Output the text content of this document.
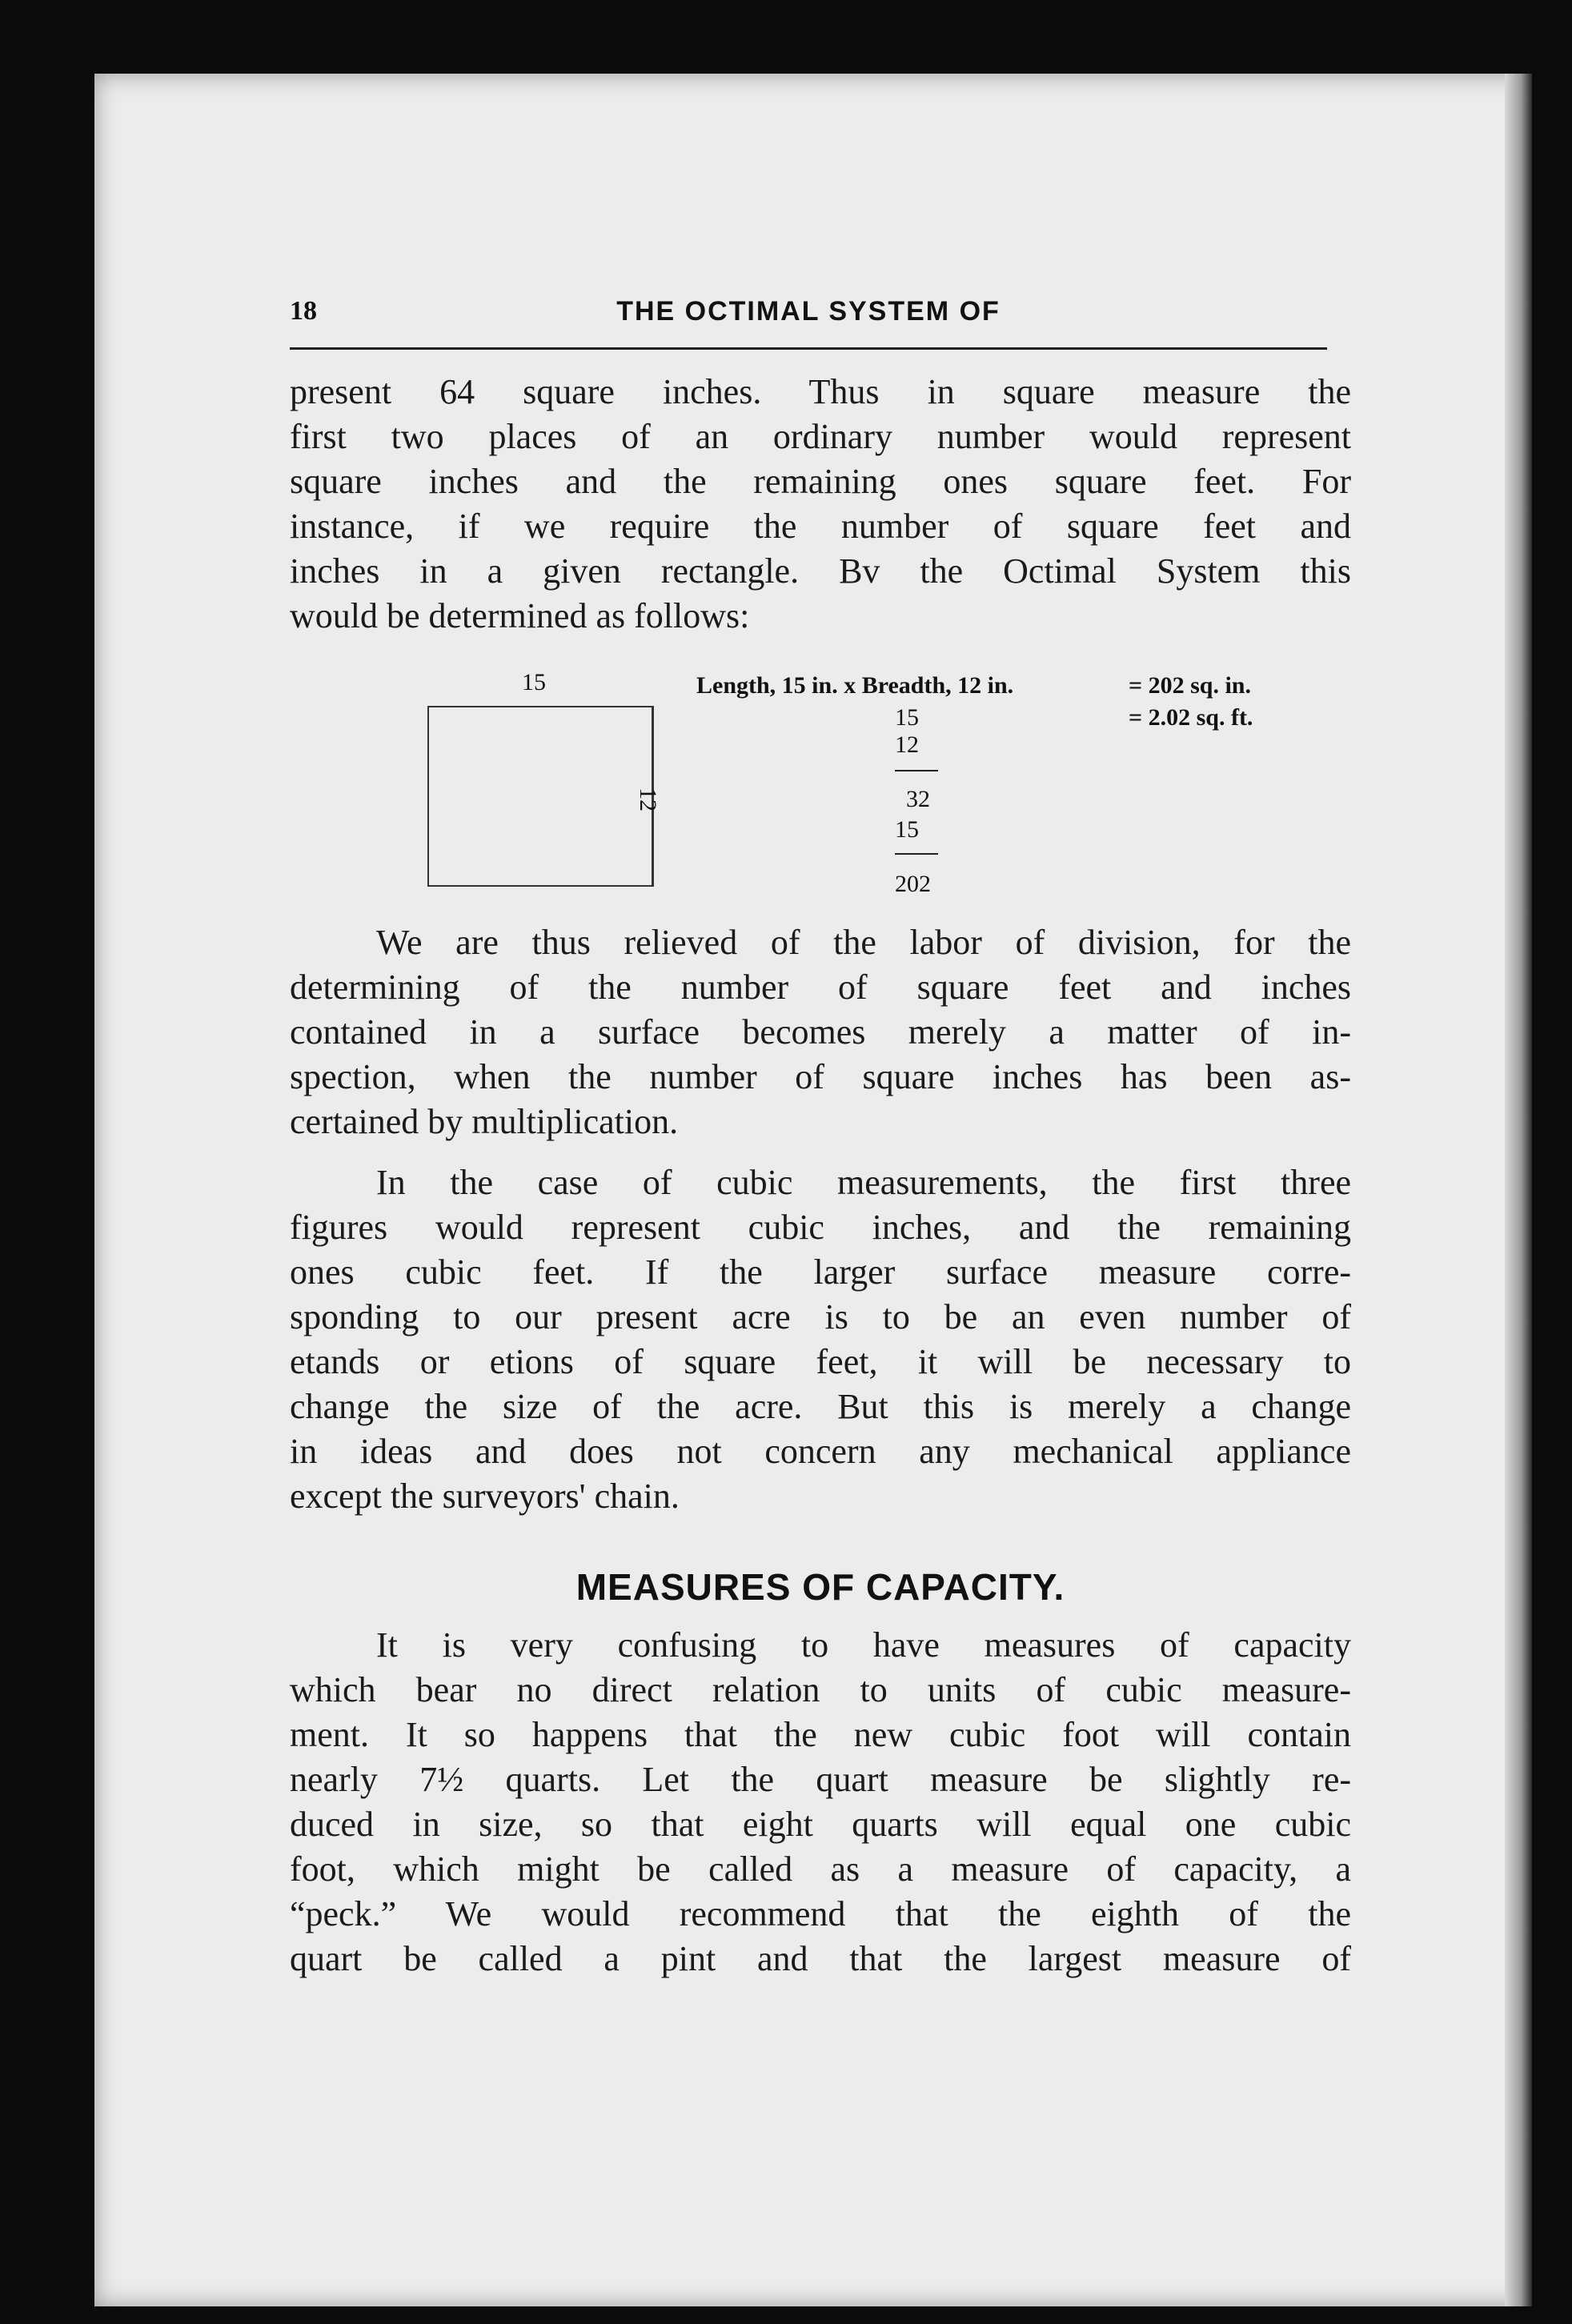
18	THE OCTIMAL SYSTEM OF
present 64 square inches. Thus in square measure the
first two places of an ordinary number would represent
square inches and the remaining ones square feet. For
instance, if we require the number of square feet and
inches in a given rectangle. Bv the Octimal System this
would be determined as follows:
15
12
Length, 15 in. x Breadth, 12 in.	= 202 sq. in.
= 2.02 sq. ft.
15
12
32
15
202
We are thus relieved of the labor of division, for the
determining of the number of square feet and inches
contained in a surface becomes merely a matter of in-
spection, when the number of square inches has been as-
certained by multiplication.
In the case of cubic measurements, the first three
figures would represent cubic inches, and the remaining
ones cubic feet. If the larger surface measure corre-
sponding to our present acre is to be an even number of
etands or etions of square feet, it will be necessary to
change the size of the acre. But this is merely a change
in ideas and does not concern any mechanical appliance
except the surveyors' chain.
MEASURES OF CAPACITY.
It is very confusing to have measures of capacity
which bear no direct relation to units of cubic measure-
ment. It so happens that the new cubic foot will contain
nearly 7½ quarts. Let the quart measure be slightly re-
duced in size, so that eight quarts will equal one cubic
foot, which might be called as a measure of capacity, a
“peck.” We would recommend that the eighth of the
quart be called a pint and that the largest measure of
